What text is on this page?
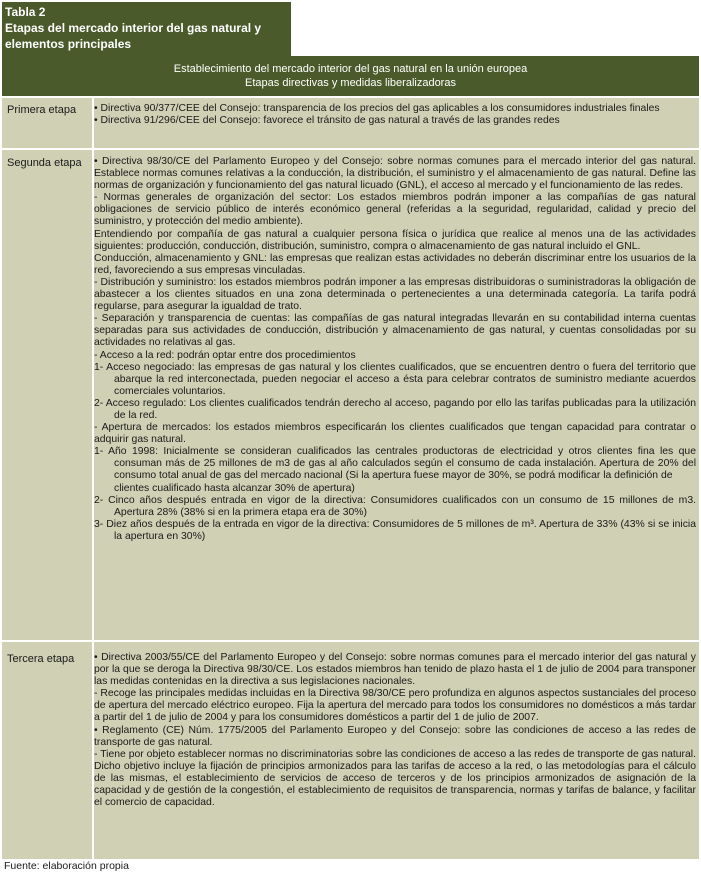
Tabla 2
Etapas del mercado interior del gas natural y
elementos principales
Establecimiento del mercado interior del gas natural en la unión europea
Etapas directivas y medidas liberalizadoras
Primera etapa • Directiva 90/377/CEE del Consejo: transparencia de los precios del gas aplicables a los consumidores industriales finales

• Directiva 91/296/CEE del Consejo: favorece el tránsito de gas natural a través de las grandes redes

Segunda etapa • Directiva 98/30/CE del Parlamento Europeo y del Consejo: sobre normas comunes para el mercado interior del gas natural. Establece normas comunes relativas a la conducción, la distribución, el suministro y el almacenamiento de gas natural. Define las normas de organización y funcionamiento del gas natural licuado (GNL), el acceso al mercado y el funcionamiento de las redes.

- Normas generales de organización del sector: Los estados miembros podrán imponer a las compañías de gas natural obligaciones de servicio público de interés económico general (referidas a la seguridad, regularidad, calidad y precio del suministro, y protección del medio ambiente).

Entendiendo por compañía de gas natural a cualquier persona física o jurídica que realice al menos una de las actividades siguientes: producción, conducción, distribución, suministro, compra o almacenamiento de gas natural incluido el GNL.

Conducción, almacenamiento y GNL: las empresas que realizan estas actividades no deberán discriminar entre los usuarios de la red, favoreciendo a sus empresas vinculadas.

- Distribución y suministro: los estados miembros podrán imponer a las empresas distribuidoras o suministradoras la obligación de abastecer a los clientes situados en una zona determinada o pertenecientes a una determinada categoría. La tarifa podrá regularse, para asegurar la igualdad de trato.

- Separación y transparencia de cuentas: las compañías de gas natural integradas llevarán en su contabilidad interna cuentas separadas para sus actividades de conducción, distribución y almacenamiento de gas natural, y cuentas consolidadas por su actividades no relativas al gas.

- Acceso a la red: podrán optar entre dos procedimientos

1- Acceso negociado: las empresas de gas natural y los clientes cualificados, que se encuentren dentro o fuera del territorio que abarque la red interconectada, pueden negociar el acceso a ésta para celebrar contratos de suministro mediante acuerdos comerciales voluntarios.

2- Acceso regulado: Los clientes cualificados tendrán derecho al acceso, pagando por ello las tarifas publicadas para la utilización de la red.

- Apertura de mercados: los estados miembros especificarán los clientes cualificados que tengan capacidad para contratar o adquirir gas natural.

1- Año 1998: Inicialmente se consideran cualificados las centrales productoras de electricidad y otros clientes fina les que consuman más de 25 millones de m3 de gas al año calculados según el consumo de cada instalación. Apertura de 20% del consumo total anual de gas del mercado nacional (Si la apertura fuese mayor de 30%, se podrá modificar la definición de

clientes cualificado hasta alcanzar 30% de apertura)

2- Cinco años después entrada en vigor de la directiva: Consumidores cualificados con un consumo de 15 millones de m3. Apertura 28% (38% si en la primera etapa era de 30%)

3- Diez años después de la entrada en vigor de la directiva: Consumidores de 5 millones de m³. Apertura de 33% (43% si se inicia la apertura en 30%)

Tercera etapa • Directiva 2003/55/CE del Parlamento Europeo y del Consejo: sobre normas comunes para el mercado interior del gas natural y por la que se deroga la Directiva 98/30/CE. Los estados miembros han tenido de plazo hasta el 1 de julio de 2004 para transponer las medidas contenidas en la directiva a sus legislaciones nacionales.

- Recoge las principales medidas incluidas en la Directiva 98/30/CE pero profundiza en algunos aspectos sustanciales del proceso de apertura del mercado eléctrico europeo. Fija la apertura del mercado para todos los consumidores no domésticos a más tardar a partir del 1 de julio de 2004 y para los consumidores domésticos a partir del 1 de julio de 2007.

• Reglamento (CE) Núm. 1775/2005 del Parlamento Europeo y del Consejo: sobre las condiciones de acceso a las redes de transporte de gas natural.

- Tiene por objeto establecer normas no discriminatorias sobre las condiciones de acceso a las redes de transporte de gas natural. Dicho objetivo incluye la fijación de principios armonizados para las tarifas de acceso a la red, o las metodologías para el cálculo de las mismas, el establecimiento de servicios de acceso de terceros y de los principios armonizados de asignación de la capacidad y de gestión de la congestión, el establecimiento de requisitos de transparencia, normas y tarifas de balance, y facilitar el comercio de capacidad.

Fuente: elaboración propia
